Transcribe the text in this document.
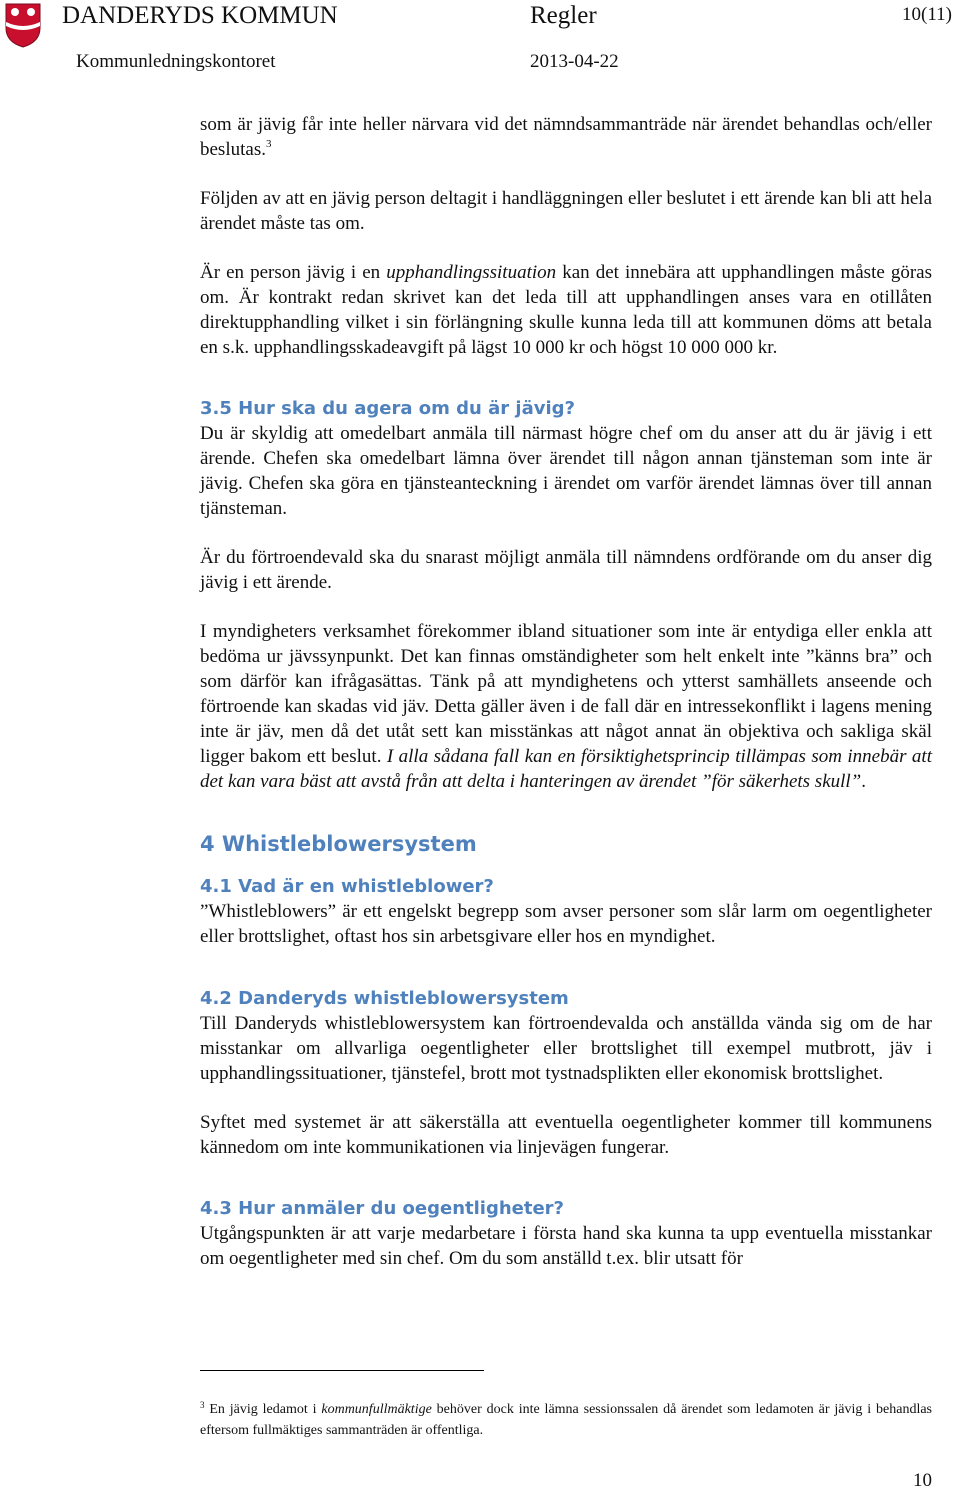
DANDERYDS KOMMUN	Regler	10(11)
Kommunledningskontoret	2013-04-22

som är jävig får inte heller närvara vid det nämndsammanträde när ärendet behandlas och/eller beslutas.$^3$

Följden av att en jävig person deltagit i handläggningen eller beslutet i ett ärende kan bli att hela ärendet måste tas om.

Är en person jävig i en upphandlingssituation kan det innebära att upphandlingen måste göras om. Är kontrakt redan skrivet kan det leda till att upphandlingen anses vara en otillåten direktupphandling vilket i sin förlängning skulle kunna leda till att kommunen döms att betala en s.k. upphandlingsskadeavgift på lägst 10 000 kr och högst 10 000 000 kr.

3.5 Hur ska du agera om du är jävig?

Du är skyldig att omedelbart anmäla till närmast högre chef om du anser att du är jävig i ett ärende. Chefen ska omedelbart lämna över ärendet till någon annan tjänsteman som inte är jävig. Chefen ska göra en tjänsteanteckning i ärendet om varför ärendet lämnas över till annan tjänsteman.

Är du förtroendevald ska du snarast möjligt anmäla till nämndens ordförande om du anser dig jävig i ett ärende.

I myndigheters verksamhet förekommer ibland situationer som inte är entydiga eller enkla att bedöma ur jävssynpunkt. Det kan finnas omständigheter som helt enkelt inte ”känns bra” och som därför kan ifrågasättas. Tänk på att myndighetens och ytterst samhällets anseende och förtroende kan skadas vid jäv. Detta gäller även i de fall där en intressekonflikt i lagens mening inte är jäv, men då det utåt sett kan misstänkas att något annat än objektiva och sakliga skäl ligger bakom ett beslut. I alla sådana fall kan en försiktighetsprincip tillämpas som innebär att det kan vara bäst att avstå från att delta i hanteringen av ärendet ”för säkerhets skull”.

4 Whistleblowersystem
4.1 Vad är en whistleblower?

”Whistleblowers” är ett engelskt begrepp som avser personer som slår larm om oegentligheter eller brottslighet, oftast hos sin arbetsgivare eller hos en myndighet.

4.2 Danderyds whistleblowersystem

Till Danderyds whistleblowersystem kan förtroendevalda och anställda vända sig om de har misstankar om allvarliga oegentligheter eller brottslighet till exempel mutbrott, jäv i upphandlingssituationer, tjänstefel, brott mot tystnadsplikten eller ekonomisk brottslighet.

Syftet med systemet är att säkerställa att eventuella oegentligheter kommer till kommunens kännedom om inte kommunikationen via linjevägen fungerar.

4.3 Hur anmäler du oegentligheter?

Utgångspunkten är att varje medarbetare i första hand ska kunna ta upp eventuella misstankar om oegentligheter med sin chef. Om du som anställd t.ex. blir utsatt för

$^3$ En jävig ledamot i kommunfullmäktige behöver dock inte lämna sessionssalen då ärendet som ledamoten är jävig i behandlas eftersom fullmäktiges sammanträden är offentliga.
10
